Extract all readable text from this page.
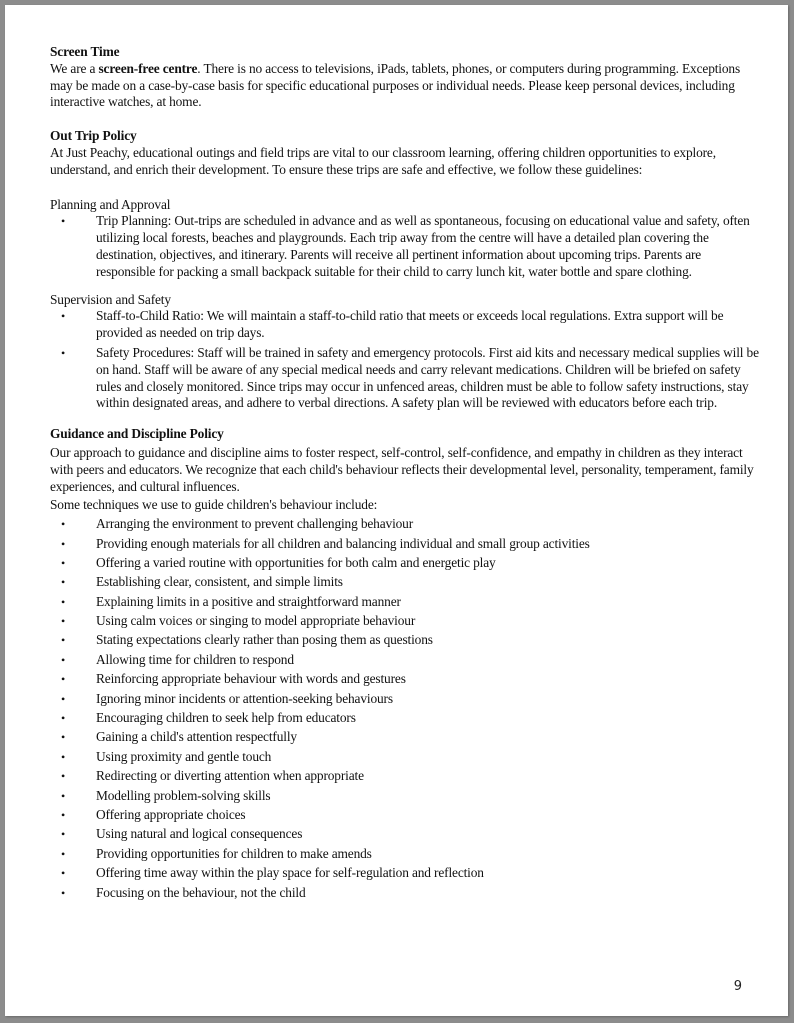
Screen Time

We are a screen-free centre. There is no access to televisions, iPads, tablets, phones, or computers during programming. Exceptions may be made on a case-by-case basis for specific educational purposes or individual needs. Please keep personal devices, including interactive watches, at home.

Out Trip Policy

At Just Peachy, educational outings and field trips are vital to our classroom learning, offering children opportunities to explore, understand, and enrich their development. To ensure these trips are safe and effective, we follow these guidelines:

Planning and Approval

• Trip Planning: Out-trips are scheduled in advance and as well as spontaneous, focusing on educational value and safety, often utilizing local forests, beaches and playgrounds. Each trip away from the centre will have a detailed plan covering the destination, objectives, and itinerary. Parents will receive all pertinent information about upcoming trips. Parents are responsible for packing a small backpack suitable for their child to carry lunch kit, water bottle and spare clothing.

Supervision and Safety

• Staff-to-Child Ratio: We will maintain a staff-to-child ratio that meets or exceeds local regulations. Extra support will be provided as needed on trip days.
• Safety Procedures: Staff will be trained in safety and emergency protocols. First aid kits and necessary medical supplies will be on hand. Staff will be aware of any special medical needs and carry relevant medications. Children will be briefed on safety rules and closely monitored. Since trips may occur in unfenced areas, children must be able to follow safety instructions, stay within designated areas, and adhere to verbal directions. A safety plan will be reviewed with educators before each trip.

Guidance and Discipline Policy

Our approach to guidance and discipline aims to foster respect, self-control, self-confidence, and empathy in children as they interact with peers and educators. We recognize that each child's behaviour reflects their developmental level, personality, temperament, family experiences, and cultural influences.

Some techniques we use to guide children's behaviour include:

• Arranging the environment to prevent challenging behaviour
• Providing enough materials for all children and balancing individual and small group activities
• Offering a varied routine with opportunities for both calm and energetic play
• Establishing clear, consistent, and simple limits
• Explaining limits in a positive and straightforward manner
• Using calm voices or singing to model appropriate behaviour
• Stating expectations clearly rather than posing them as questions
• Allowing time for children to respond
• Reinforcing appropriate behaviour with words and gestures
• Ignoring minor incidents or attention-seeking behaviours
• Encouraging children to seek help from educators
• Gaining a child's attention respectfully
• Using proximity and gentle touch
• Redirecting or diverting attention when appropriate
• Modelling problem-solving skills
• Offering appropriate choices
• Using natural and logical consequences
• Providing opportunities for children to make amends
• Offering time away within the play space for self-regulation and reflection
• Focusing on the behaviour, not the child
9
